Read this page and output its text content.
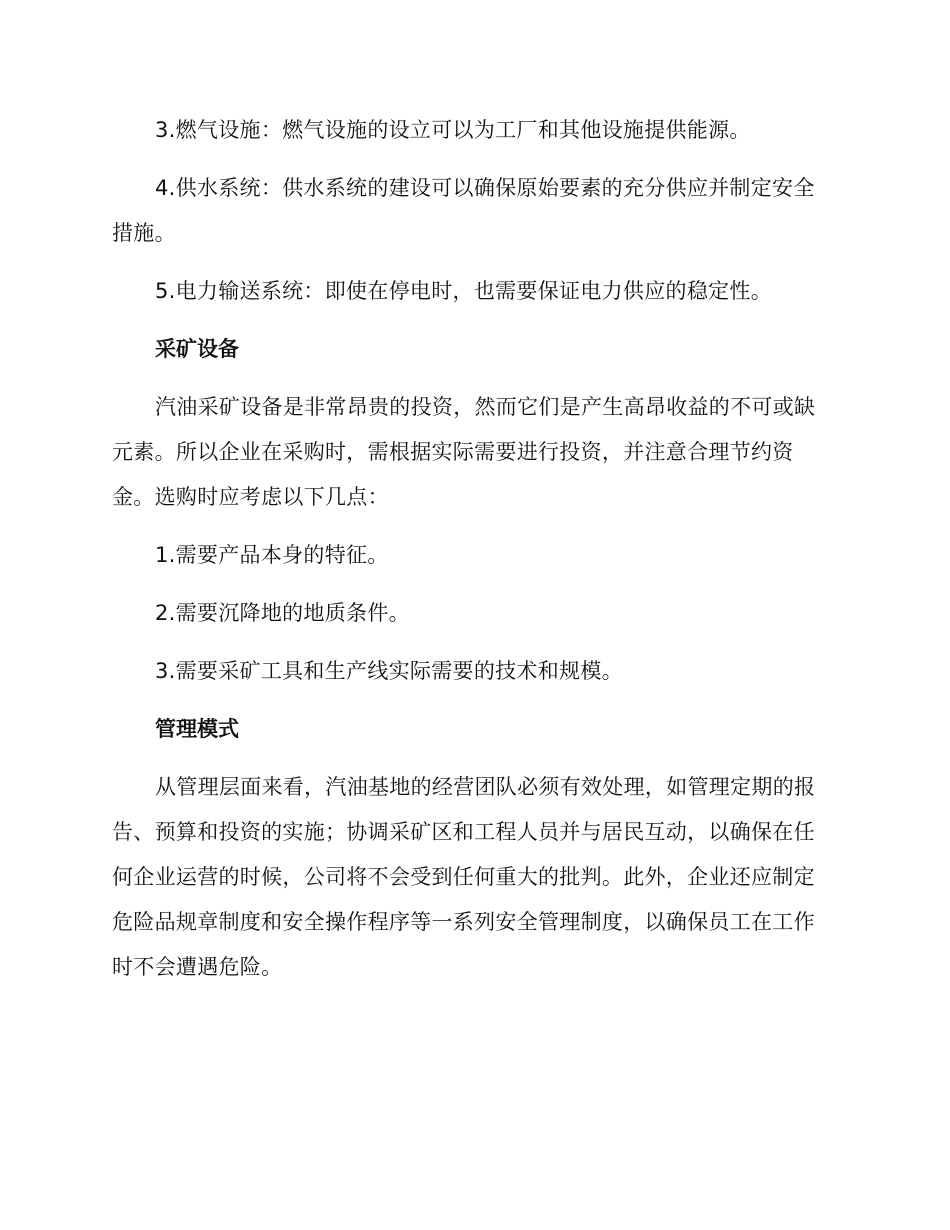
3.燃气设施：燃气设施的设立可以为工厂和其他设施提供能源。

4.供水系统：供水系统的建设可以确保原始要素的充分供应并制定安全措施。

5.电力输送系统：即使在停电时，也需要保证电力供应的稳定性。

采矿设备

汽油采矿设备是非常昂贵的投资，然而它们是产生高昂收益的不可或缺元素。所以企业在采购时，需根据实际需要进行投资，并注意合理节约资金。选购时应考虑以下几点：

1.需要产品本身的特征。

2.需要沉降地的地质条件。

3.需要采矿工具和生产线实际需要的技术和规模。

管理模式

从管理层面来看，汽油基地的经营团队必须有效处理，如管理定期的报告、预算和投资的实施；协调采矿区和工程人员并与居民互动，以确保在任何企业运营的时候，公司将不会受到任何重大的批判。此外，企业还应制定危险品规章制度和安全操作程序等一系列安全管理制度，以确保员工在工作时不会遭遇危险。
